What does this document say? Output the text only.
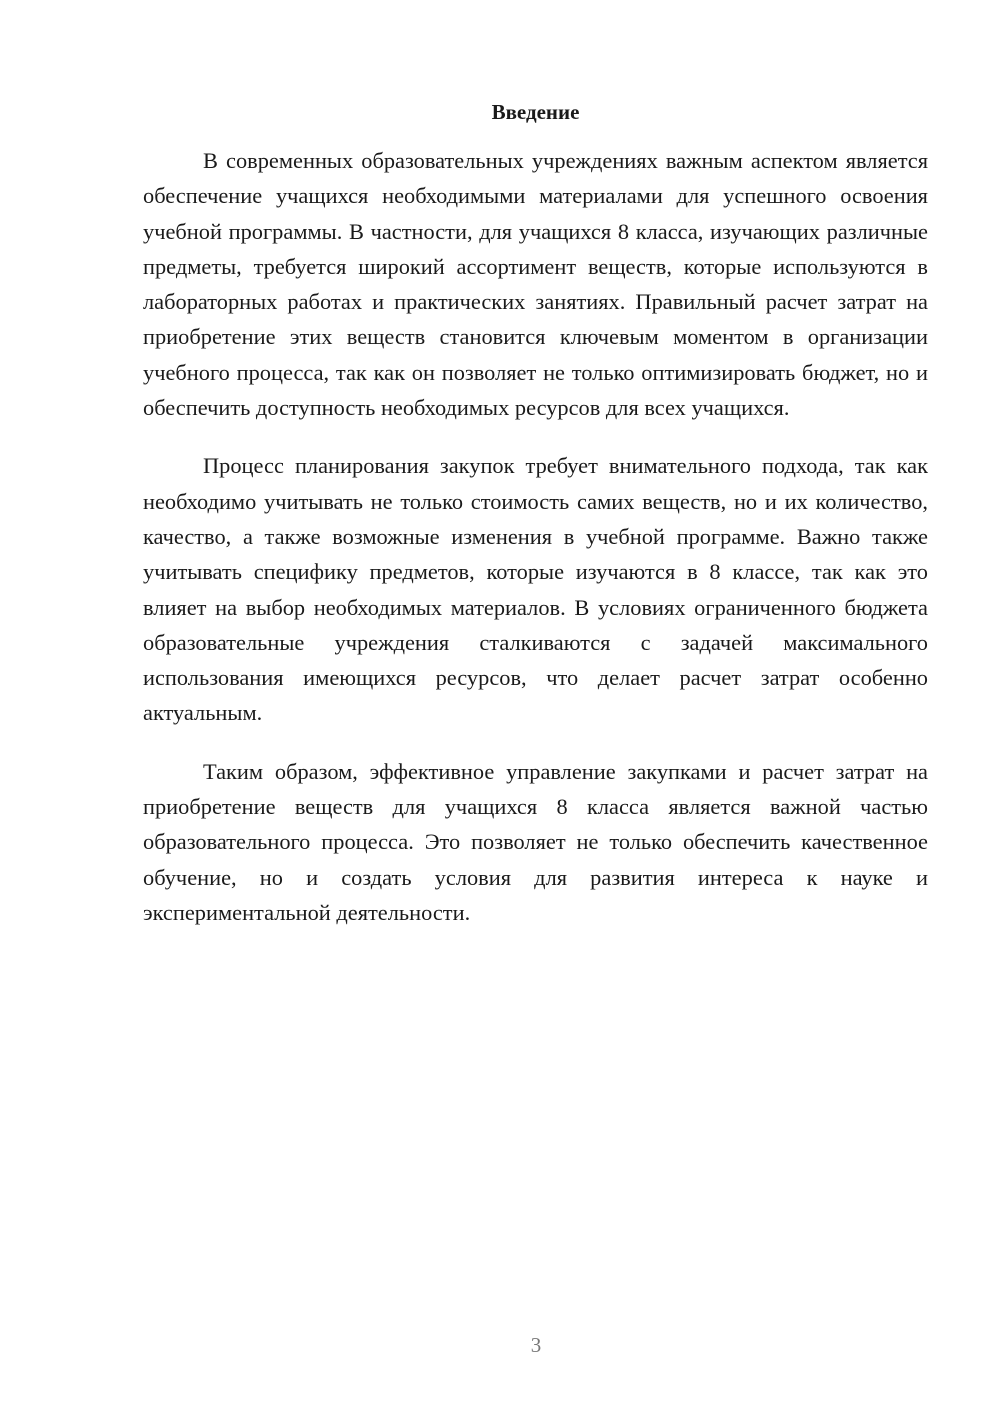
Введение

В современных образовательных учреждениях важным аспектом является обеспечение учащихся необходимыми материалами для успешного освоения учебной программы. В частности, для учащихся 8 класса, изучающих различные предметы, требуется широкий ассортимент веществ, которые используются в лабораторных работах и практических занятиях. Правильный расчет затрат на приобретение этих веществ становится ключевым моментом в организации учебного процесса, так как он позволяет не только оптимизировать бюджет, но и обеспечить доступность необходимых ресурсов для всех учащихся.

Процесс планирования закупок требует внимательного подхода, так как необходимо учитывать не только стоимость самих веществ, но и их количество, качество, а также возможные изменения в учебной программе. Важно также учитывать специфику предметов, которые изучаются в 8 классе, так как это влияет на выбор необходимых материалов. В условиях ограниченного бюджета образовательные учреждения сталкиваются с задачей максимального использования имеющихся ресурсов, что делает расчет затрат особенно актуальным.

Таким образом, эффективное управление закупками и расчет затрат на приобретение веществ для учащихся 8 класса является важной частью образовательного процесса. Это позволяет не только обеспечить качественное обучение, но и создать условия для развития интереса к науке и экспериментальной деятельности.

3
